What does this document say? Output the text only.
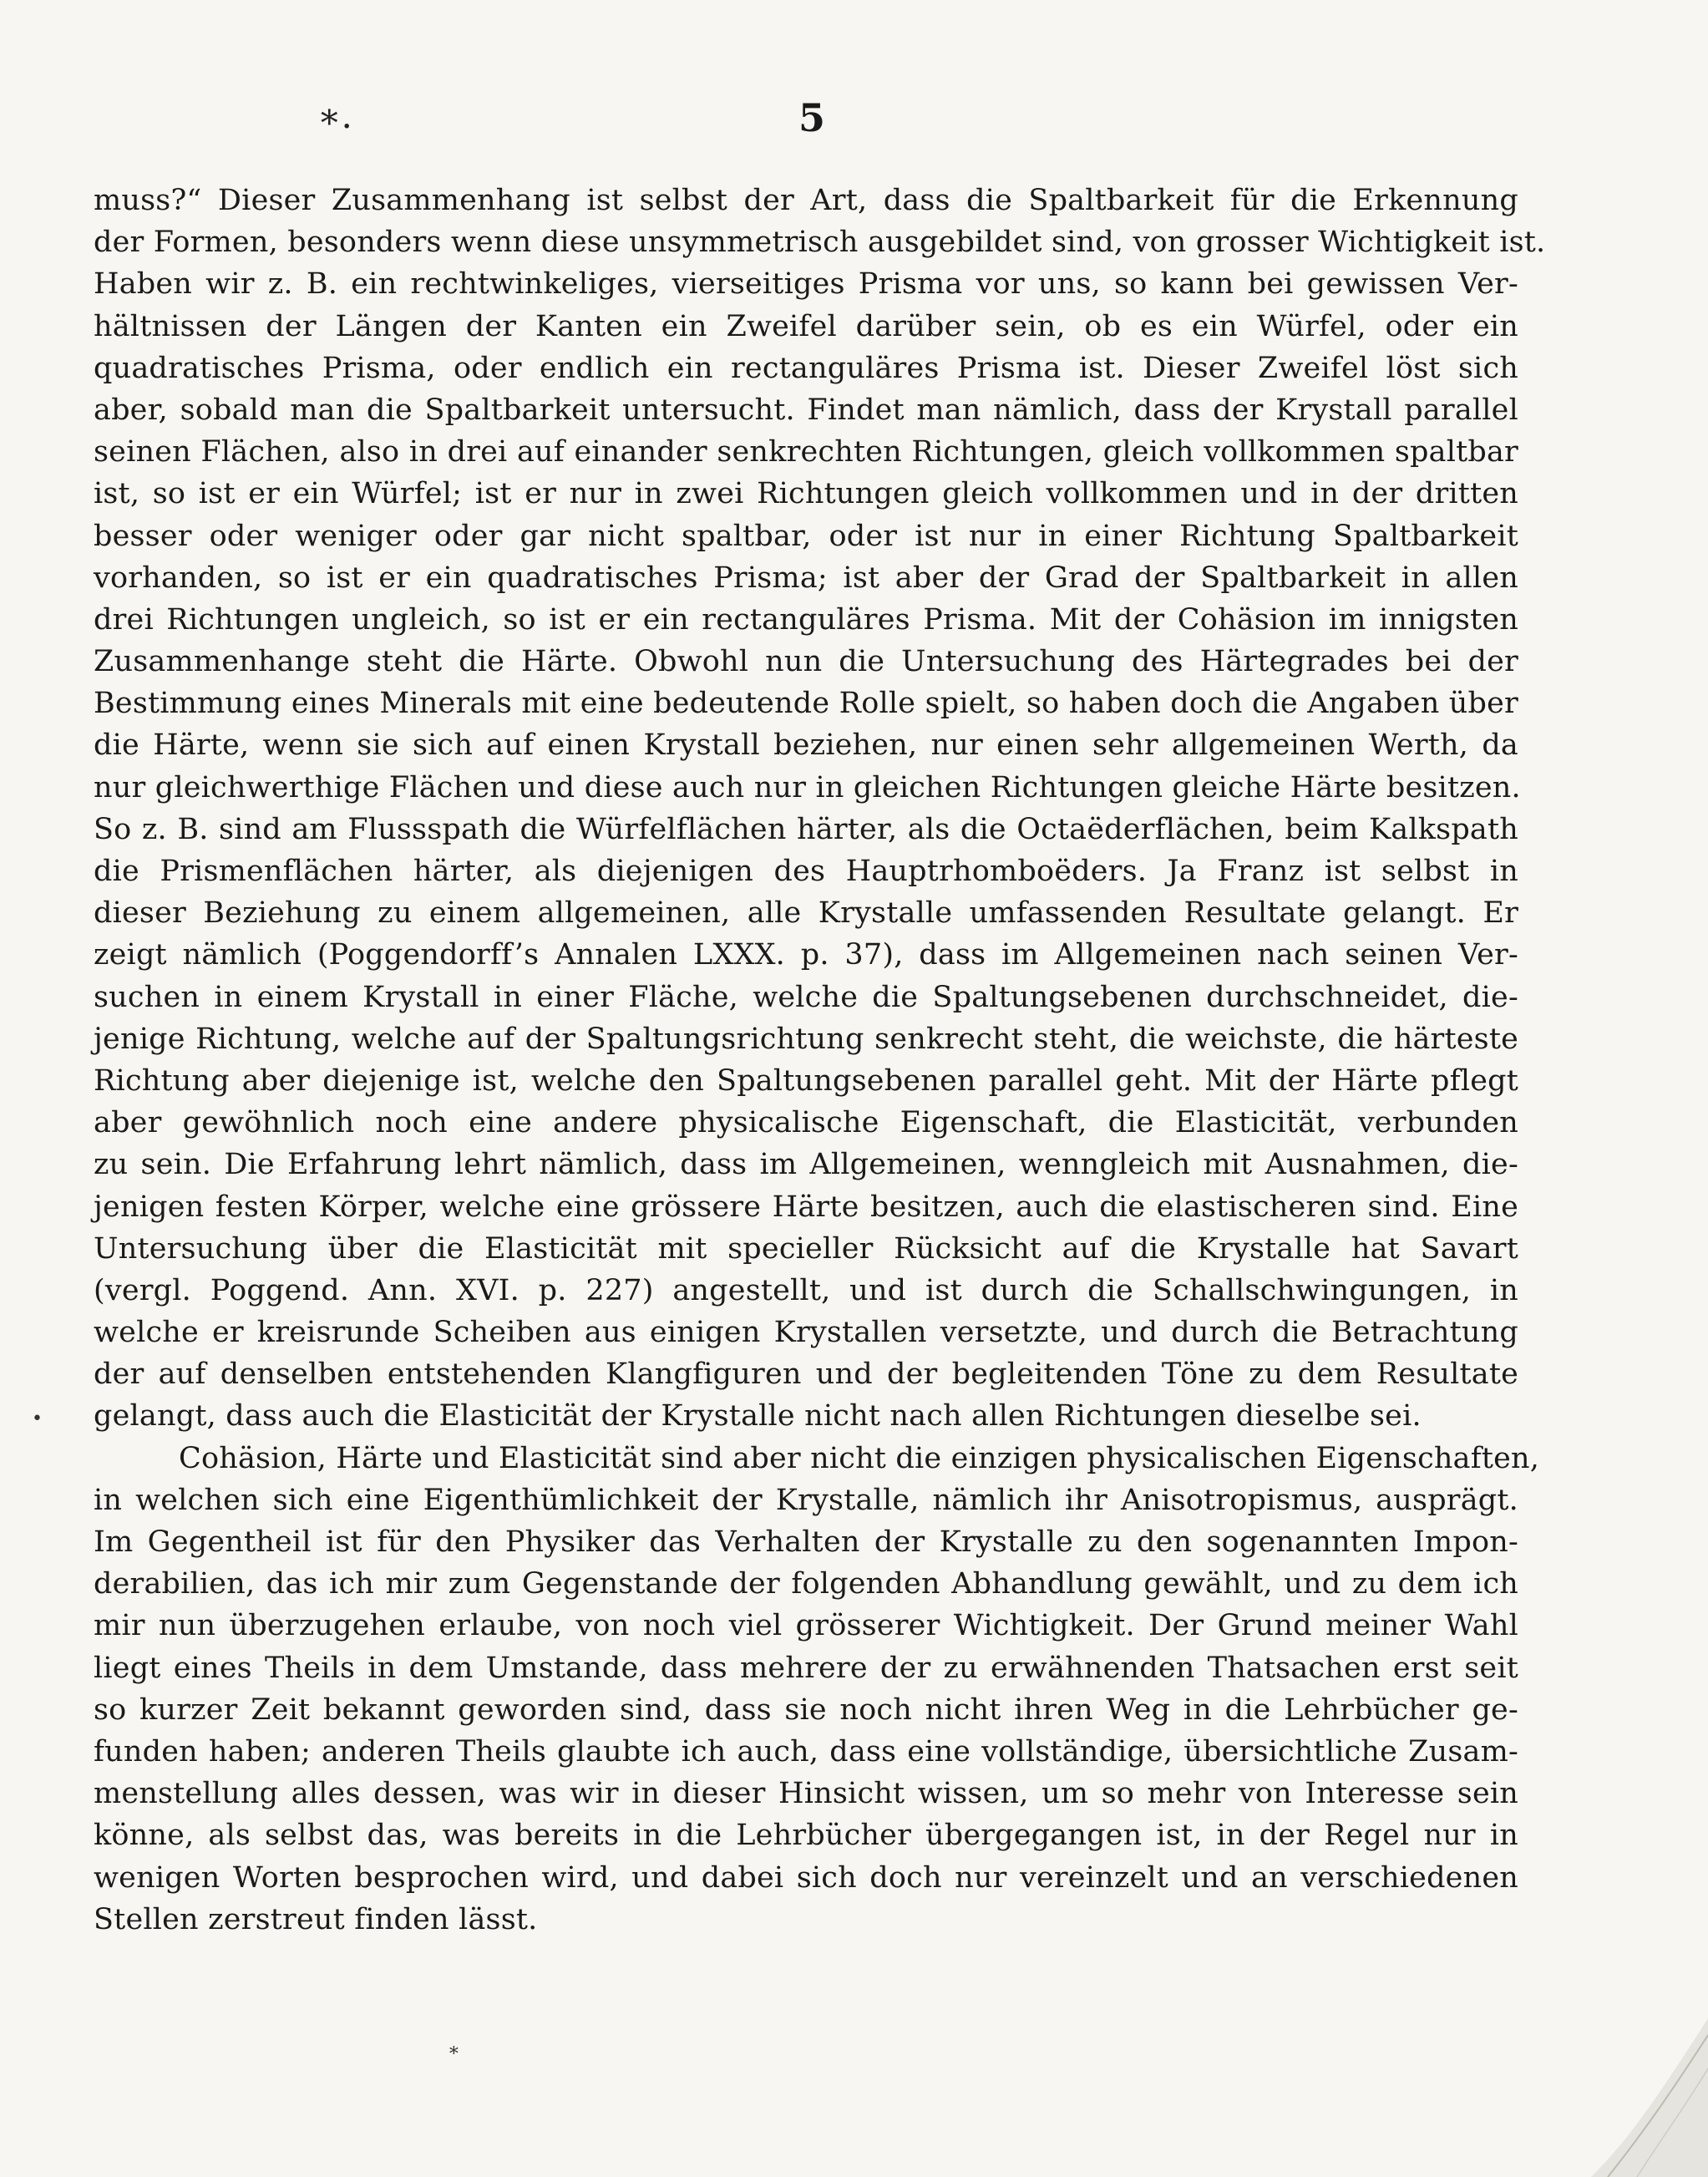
∗.	5
•
∗
muss?“ Dieser Zusammenhang ist selbst der Art, dass die Spaltbarkeit für die Erkennung
der Formen, besonders wenn diese unsymmetrisch ausgebildet sind, von grosser Wichtigkeit ist.
Haben wir z. B. ein rechtwinkeliges, vierseitiges Prisma vor uns, so kann bei gewissen Ver-
hältnissen der Längen der Kanten ein Zweifel darüber sein, ob es ein Würfel, oder ein
quadratisches Prisma, oder endlich ein rectanguläres Prisma ist. Dieser Zweifel löst sich
aber, sobald man die Spaltbarkeit untersucht. Findet man nämlich, dass der Krystall parallel
seinen Flächen, also in drei auf einander senkrechten Richtungen, gleich vollkommen spaltbar
ist, so ist er ein Würfel; ist er nur in zwei Richtungen gleich vollkommen und in der dritten
besser oder weniger oder gar nicht spaltbar, oder ist nur in einer Richtung Spaltbarkeit
vorhanden, so ist er ein quadratisches Prisma; ist aber der Grad der Spaltbarkeit in allen
drei Richtungen ungleich, so ist er ein rectanguläres Prisma. Mit der Cohäsion im innigsten
Zusammenhange steht die Härte. Obwohl nun die Untersuchung des Härtegrades bei der
Bestimmung eines Minerals mit eine bedeutende Rolle spielt, so haben doch die Angaben über
die Härte, wenn sie sich auf einen Krystall beziehen, nur einen sehr allgemeinen Werth, da
nur gleichwerthige Flächen und diese auch nur in gleichen Richtungen gleiche Härte besitzen.
So z. B. sind am Flussspath die Würfelflächen härter, als die Octaëderflächen, beim Kalkspath
die Prismenflächen härter, als diejenigen des Hauptrhomboëders. Ja Franz ist selbst in
dieser Beziehung zu einem allgemeinen, alle Krystalle umfassenden Resultate gelangt. Er
zeigt nämlich (Poggendorff’s Annalen LXXX. p. 37), dass im Allgemeinen nach seinen Ver-
suchen in einem Krystall in einer Fläche, welche die Spaltungsebenen durchschneidet, die-
jenige Richtung, welche auf der Spaltungsrichtung senkrecht steht, die weichste, die härteste
Richtung aber diejenige ist, welche den Spaltungsebenen parallel geht. Mit der Härte pflegt
aber gewöhnlich noch eine andere physicalische Eigenschaft, die Elasticität, verbunden
zu sein. Die Erfahrung lehrt nämlich, dass im Allgemeinen, wenngleich mit Ausnahmen, die-
jenigen festen Körper, welche eine grössere Härte besitzen, auch die elastischeren sind. Eine
Untersuchung über die Elasticität mit specieller Rücksicht auf die Krystalle hat Savart
(vergl. Poggend. Ann. XVI. p. 227) angestellt, und ist durch die Schallschwingungen, in
welche er kreisrunde Scheiben aus einigen Krystallen versetzte, und durch die Betrachtung
der auf denselben entstehenden Klangfiguren und der begleitenden Töne zu dem Resultate
gelangt, dass auch die Elasticität der Krystalle nicht nach allen Richtungen dieselbe sei.
Cohäsion, Härte und Elasticität sind aber nicht die einzigen physicalischen Eigenschaften,
in welchen sich eine Eigenthümlichkeit der Krystalle, nämlich ihr Anisotropismus, ausprägt.
Im Gegentheil ist für den Physiker das Verhalten der Krystalle zu den sogenannten Impon-
derabilien, das ich mir zum Gegenstande der folgenden Abhandlung gewählt, und zu dem ich
mir nun überzugehen erlaube, von noch viel grösserer Wichtigkeit. Der Grund meiner Wahl
liegt eines Theils in dem Umstande, dass mehrere der zu erwähnenden Thatsachen erst seit
so kurzer Zeit bekannt geworden sind, dass sie noch nicht ihren Weg in die Lehrbücher ge-
funden haben; anderen Theils glaubte ich auch, dass eine vollständige, übersichtliche Zusam-
menstellung alles dessen, was wir in dieser Hinsicht wissen, um so mehr von Interesse sein
könne, als selbst das, was bereits in die Lehrbücher übergegangen ist, in der Regel nur in
wenigen Worten besprochen wird, und dabei sich doch nur vereinzelt und an verschiedenen
Stellen zerstreut finden lässt.
